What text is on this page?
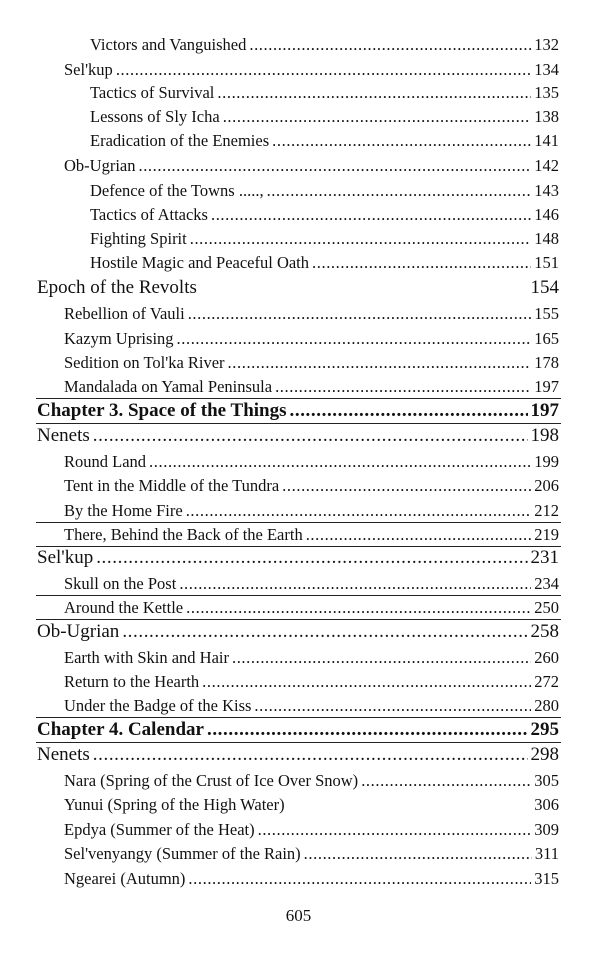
Victors and Vanguished .....	132
Sel'kup .....	134
Tactics of Survival .....	135
Lessons of Sly Icha .....	138
Eradication of the Enemies .....	141
Ob-Ugrian .....	142
Defence of the Towns ....., .....	143
Tactics of Attacks .....	146
Fighting Spirit .....	148
Hostile Magic and Peaceful Oath .....	151
Epoch of the Revolts	154
Rebellion of Vauli .....	155
Kazym Uprising .....	165
Sedition on Tol'ka River .....	178
Mandalada on Yamal Peninsula .....	197
Chapter 3. Space of the Things .....	197
Nenets .....	198
Round Land .....	199
Tent in the Middle of the Tundra .....	206
By the Home Fire .....	212
There, Behind the Back of the Earth .....	219
Sel'kup .....	231
Skull on the Post .....	234
Around the Kettle .....	250
Ob-Ugrian .....	258
Earth with Skin and Hair .....	260
Return to the Hearth .....	272
Under the Badge of the Kiss .....	280
Chapter 4. Calendar .....	295
Nenets .....	298
Nara (Spring of the Crust of Ice Over Snow) .....	305
Yunui (Spring of the High Water)	306
Epdya (Summer of the Heat) .....	309
Sel'venyangy (Summer of the Rain) .....	311
Ngearei (Autumn) .....	315
605
